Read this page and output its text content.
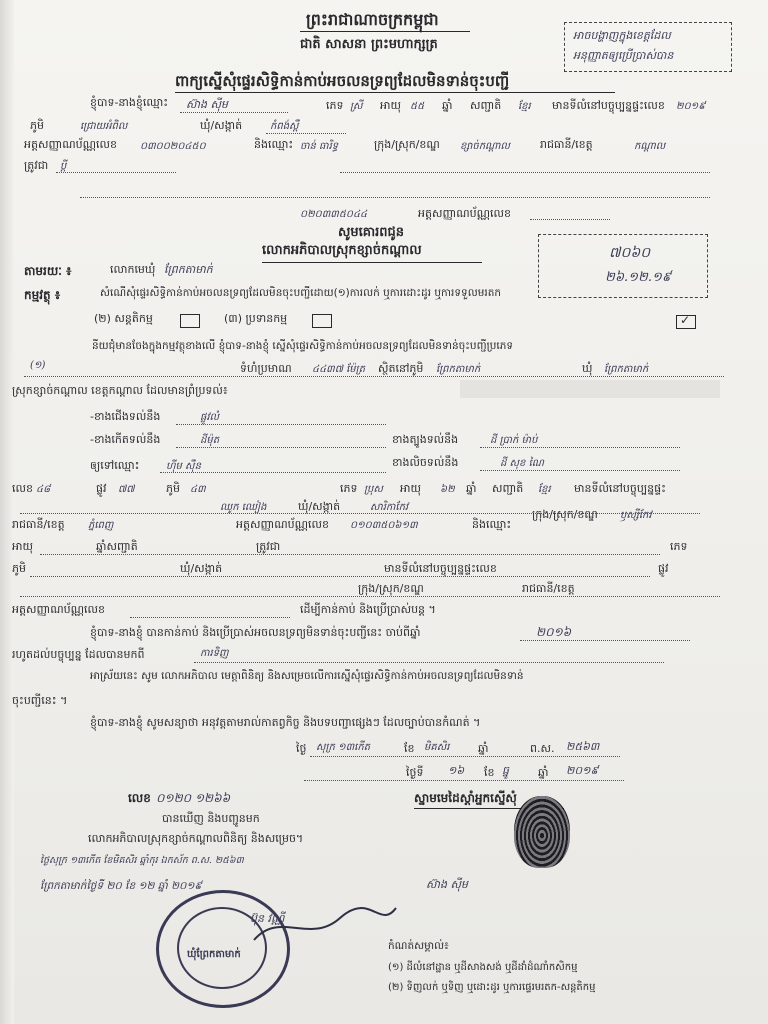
ព្រះរាជាណាចក្រកម្ពុជា
ជាតិ សាសនា ព្រះមហាក្សត្រ
អាចបង្ហាញក្នុងខេត្តដែល
អនុញ្ញាតឲ្យប្រើប្រាស់បាន
ពាក្យស្នើសុំផ្ទេរសិទ្ធិកាន់កាប់អចលនទ្រព្យដែលមិនទាន់ចុះបញ្ជី
ខ្ញុំបាទ-នាងខ្ញុំឈ្មោះ ស៊ាង ស៊ីម	ភេទ ស្រី អាយុ ៥៥ ឆ្នាំ សញ្ជាតិ ខ្មែរ មានទីលំនៅបច្ចុប្បន្នផ្ទះលេខ ២០១៩
ភូមិ	ជ្រោយអំពិល	ឃុំ/សង្កាត់	កំពង់ស្ពឺ
អត្តសញ្ញាណប័ណ្ណលេខ ០៣០០២០៤៥០	និងឈ្មោះ ចាន់ ធារិទ្ធ	ក្រុង/ស្រុក/ខណ្ឌ ខ្សាច់កណ្ដាល	រាជធានី/ខេត្ត	កណ្ដាល
ត្រូវជា ប្ដី
អត្តសញ្ញាណប័ណ្ណលេខ
០២០៣៣៥០៤៤
សូមគោរពជូន
លោកអភិបាលស្រុកខ្សាច់កណ្ដាល	៧០៦០
២៦.១២.១៩
តាមរយៈ ៖	លោកមេឃុំ ព្រែកតាមាក់
កម្មវត្ថុ ៖	សំណើសុំផ្ទេរសិទ្ធិកាន់កាប់អចលនទ្រព្យដែលមិនចុះបញ្ជីដោយ(១)ការលក់ ឬការដោះដូរ ឬការទទួលមរតក
✓
(២) សន្តតិកម្ម	(៣) ប្រទានកម្ម
នីយជុំមានចែងក្នុងកម្មវត្ថុខាងលើ ខ្ញុំបាទ-នាងខ្ញុំ ស្នើសុំផ្ទេរសិទ្ធិកាន់កាប់អចលនទ្រព្យដែលមិនទាន់ចុះបញ្ជីប្រភេទ
(១)	ទំហំប្រមាណ ៤៤៣៧ ម៉ែត្រ ស្ថិតនៅភូមិ ព្រែកតាមាក់	ឃុំ ព្រែកតាមាក់
ស្រុកខ្សាច់កណ្ដាល ខេត្តកណ្ដាល ដែលមានព្រំប្រទល់៖
-ខាងជើងទល់នឹង	ផ្លូវលំ
ខាងត្បូងទល់នឹង	ដី ប្រាក់ ម៉ាប់
-ខាងកើតទល់នឹង	ដីម៉ុត
ខាងលិចទល់នឹង	ដី សុខ ណៃ
ឲ្យទៅឈ្មោះ	ហ៊ីម ស៊ឺន
លេខ ៤៨	ផ្លូវ ៧៧	ភូមិ ៤៣	ភេទ ប្រុស អាយុ ៦២ ឆ្នាំ សញ្ជាតិ ខ្មែរ មានទីលំនៅបច្ចុប្បន្នផ្ទះ
ឃុំ/សង្កាត់	សារិកាកែវ
ឈូក ឈៀង
រាជធានី/ខេត្ត ភ្នំពេញ	អត្តសញ្ញាណប័ណ្ណលេខ ០១០៣៥០៦១៣	និងឈ្មោះ
ក្រុង/ស្រុក/ខណ្ឌ ឫស្សីកែវ
អាយុ	ឆ្នាំសញ្ជាតិ	ត្រូវជា	ភេទ
ភូមិ	ឃុំ/សង្កាត់	មានទីលំនៅបច្ចុប្បន្នផ្ទះលេខ	ផ្លូវ
ក្រុង/ស្រុក/ខណ្ឌ	រាជធានី/ខេត្ត
អត្តសញ្ញាណប័ណ្ណលេខ	ដើម្បីកាន់កាប់ និងប្រើប្រាស់បន្ត ។
ខ្ញុំបាទ-នាងខ្ញុំ បានកាន់កាប់ និងប្រើប្រាស់អចលនទ្រព្យមិនទាន់ចុះបញ្ជីនេះ ចាប់ពីឆ្នាំ	២០១៦
រហូតដល់បច្ចុប្បន្ន ដែលបានមកពី	ការទិញ
អាស្រ័យនេះ សូម លោកអភិបាល មេត្តាពិនិត្យ និងសម្រេចលើការស្នើសុំផ្ទេរសិទ្ធិកាន់កាប់អចលនទ្រព្យដែលមិនទាន់
ចុះបញ្ជីនេះ ។
ខ្ញុំបាទ-នាងខ្ញុំ សូមសន្យាថា អនុវត្តតាមរាល់កាតព្វកិច្ច និងបទបញ្ជាផ្សេងៗ ដែលច្បាប់បានកំណត់ ។
ថ្ងៃ សុក្រ ១៣កើត	ខែ មិគសិរ	ឆ្នាំ	ព.ស. ២៥៦៣
ថ្ងៃទី ១៦ ខែ ធ្នូ	ឆ្នាំ ២០១៩
លេខ ០១២០ ១២៦៦
បានឃើញ និងបញ្ជូនមក
លោកអភិបាលស្រុកខ្សាច់កណ្ដាលពិនិត្យ និងសម្រេច។
ថ្ងៃសុក្រ ១៣កើត ខែមិគសិរ ឆ្នាំកុរ ឯកស័ក ព.ស. ២៥៦៣
ព្រែកតាមាក់ថ្ងៃទី ២០ ខែ ១២ ឆ្នាំ ២០១៩
ឃុំព្រែកតាមាក់
ប៊ុន វណ្ណី
ស្នាមមេដៃស្ដាំអ្នកស្នើសុំ
ស៊ាង ស៊ីម
កំណត់សម្គាល់៖
(១) ដីលំនៅដ្ឋាន ឬដីសាងសង់ ឬដីដាំដំណាំកសិកម្ម
(២) ទិញលក់ ឬទិញ ឬដោះដូរ ឬការផ្ទេរមរតក-សន្តតិកម្ម
